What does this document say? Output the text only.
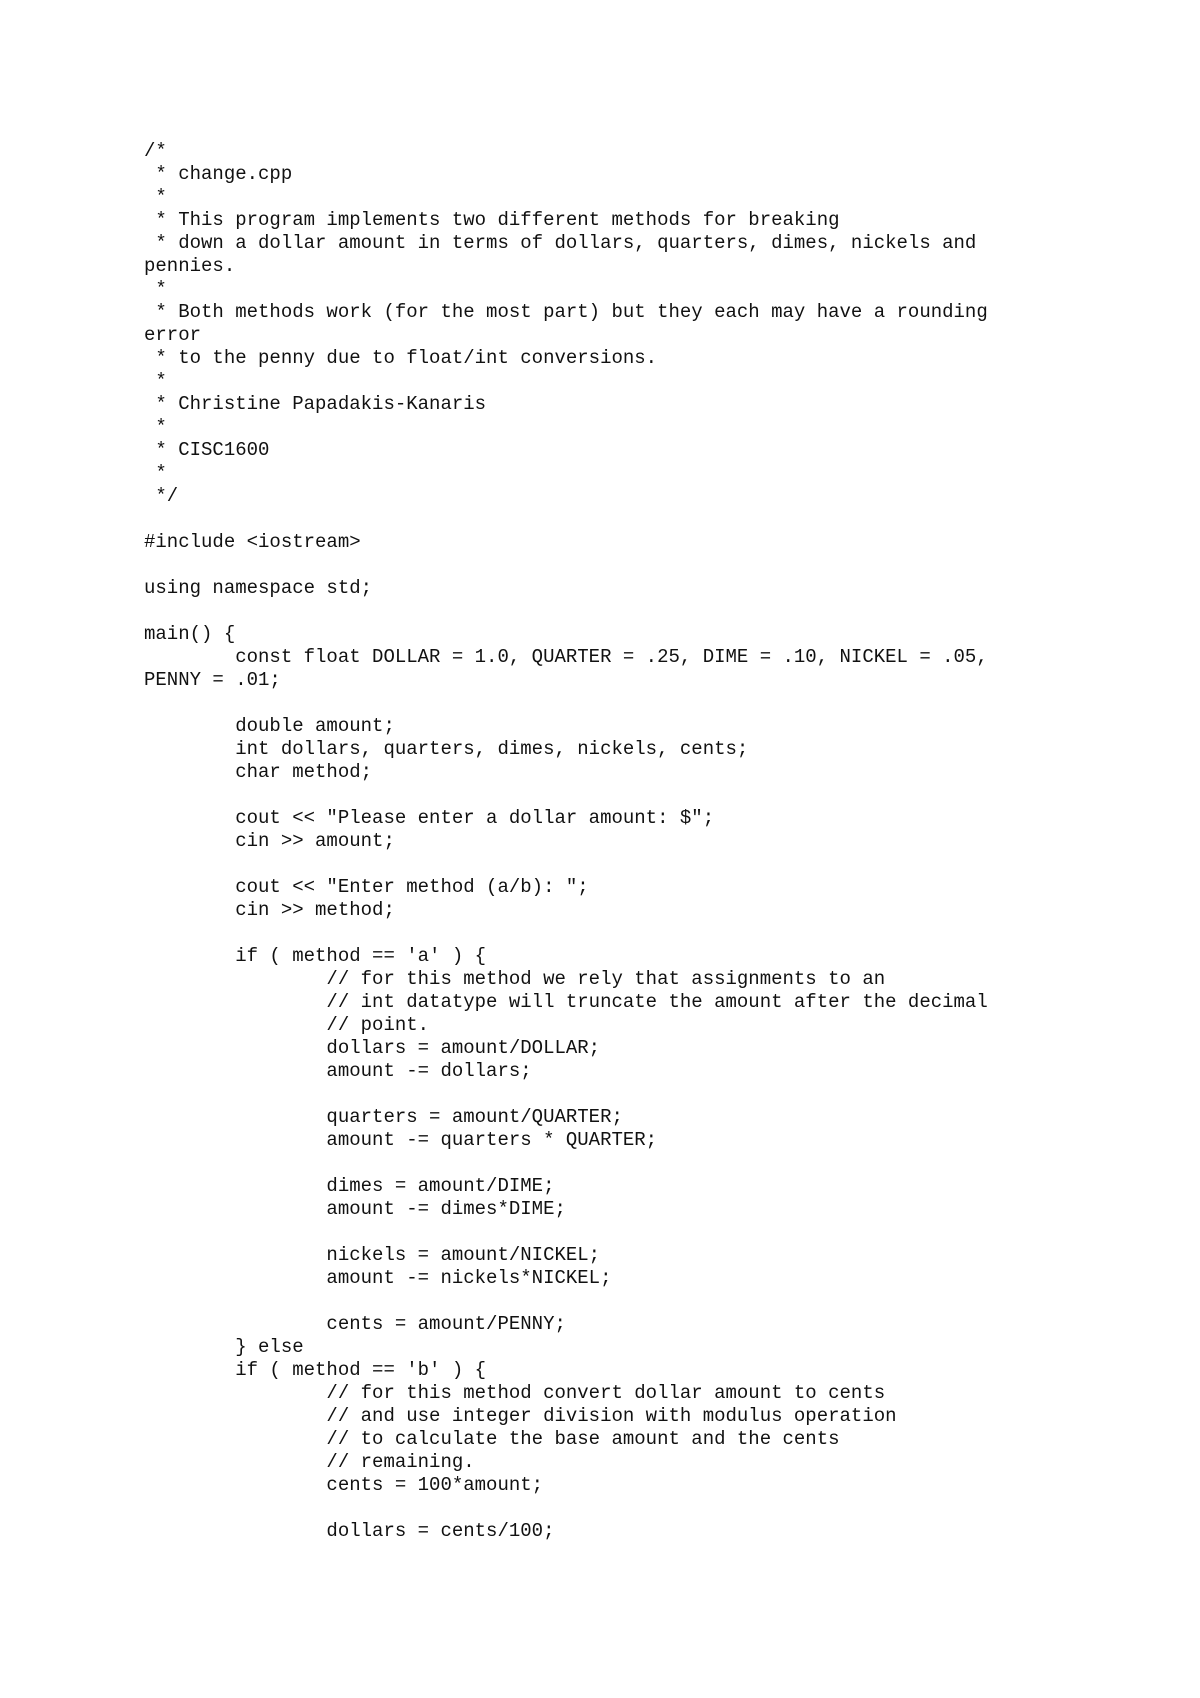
/*
* change.cpp
*
* This program implements two different methods for breaking
* down a dollar amount in terms of dollars, quarters, dimes, nickels and
pennies.
*
* Both methods work (for the most part) but they each may have a rounding
error
* to the penny due to float/int conversions.
*
* Christine Papadakis-Kanaris
*
* CISC1600
*
*/
#include <iostream>
using namespace std;
main() {
const float DOLLAR = 1.0, QUARTER = .25, DIME = .10, NICKEL = .05,
PENNY = .01;
double amount;
int dollars, quarters, dimes, nickels, cents;
char method;
cout << "Please enter a dollar amount: $";
cin >> amount;
cout << "Enter method (a/b): ";
cin >> method;
if ( method == 'a' ) {
// for this method we rely that assignments to an
// int datatype will truncate the amount after the decimal
// point.
dollars = amount/DOLLAR;
amount -= dollars;
quarters = amount/QUARTER;
amount -= quarters * QUARTER;
dimes = amount/DIME;
amount -= dimes*DIME;
nickels = amount/NICKEL;
amount -= nickels*NICKEL;
cents = amount/PENNY;
} else
if ( method == 'b' ) {
// for this method convert dollar amount to cents
// and use integer division with modulus operation
// to calculate the base amount and the cents
// remaining.
cents = 100*amount;
dollars = cents/100;
